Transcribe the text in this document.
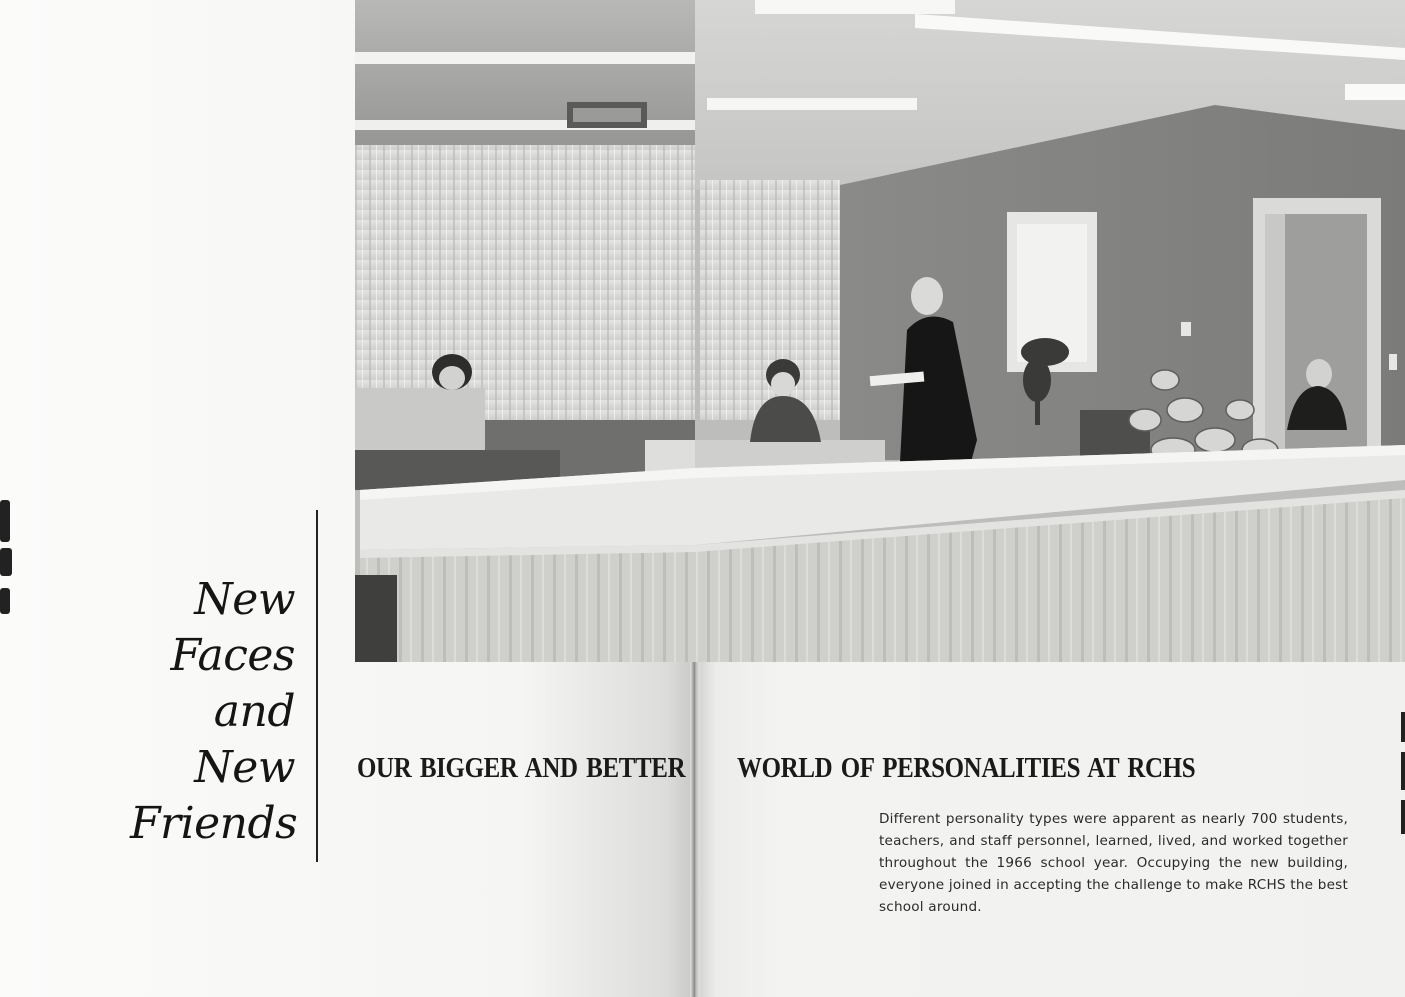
New
Faces
and
New
Friends
OUR BIGGER AND BETTER WORLD OF PERSONALITIES AT RCHS
Different personality types were apparent as nearly 700 students, teachers, and staff personnel, learned, lived, and worked together throughout the 1966 school year. Occupying the new building, everyone joined in accepting the challenge to make RCHS the best school around.
